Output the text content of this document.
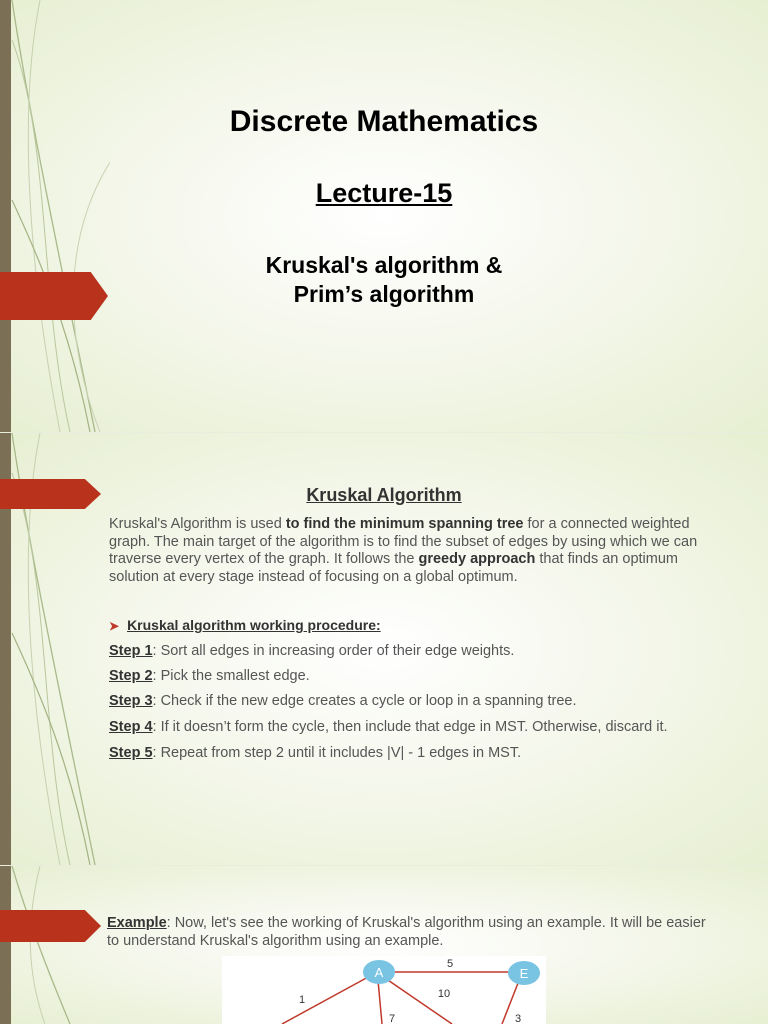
Discrete Mathematics
Lecture-15
Kruskal's algorithm &
Prim’s algorithm
Kruskal Algorithm
Kruskal's Algorithm is used to find the minimum spanning tree for a connected weighted graph. The main target of the algorithm is to find the subset of edges by using which we can traverse every vertex of the graph. It follows the greedy approach that finds an optimum solution at every stage instead of focusing on a global optimum.
➤ Kruskal algorithm working procedure:
Step 1: Sort all edges in increasing order of their edge weights.
Step 2: Pick the smallest edge.
Step 3: Check if the new edge creates a cycle or loop in a spanning tree.
Step 4: If it doesn’t form the cycle, then include that edge in MST. Otherwise, discard it.
Step 5: Repeat from step 2 until it includes |V| - 1 edges in MST.
Example: Now, let's see the working of Kruskal's algorithm using an example. It will be easier to understand Kruskal's algorithm using an example.
A	E
5
10
1
7	3
